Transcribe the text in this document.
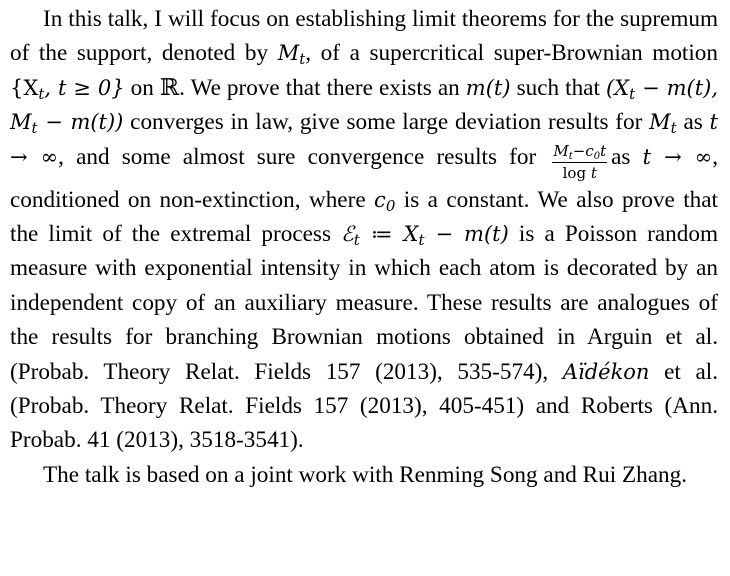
In this talk, I will focus on establishing limit theorems for the supremum of the support, denoted by $M_t$, of a supercritical super-Brownian motion {$X_t$, t ≥ 0} on ℝ. We prove that there exists an m(t) such that ($X_t - m(t)$, $M_t - m(t)$) converges in law, give some large deviation results for $M_t$ as t → ∞, and some almost sure convergence results for $\frac{M_t-c_0t}{\text{log t}}$ as t → ∞, conditioned on non-extinction, where $c_0$ is a constant. We also prove that the limit of the extremal process ℰ$_t$ ≔ $X_t - m(t)$ is a Poisson random measure with exponential intensity in which each atom is decorated by an independent copy of an auxiliary measure. These results are analogues of the results for branching Brownian motions obtained in Arguin et al. (Probab. Theory Relat. Fields 157 (2013), 535-574), Aïdékon et al. (Probab. Theory Relat. Fields 157 (2013), 405-451) and Roberts (Ann. Probab. 41 (2013), 3518-3541).

The talk is based on a joint work with Renming Song and Rui Zhang.
